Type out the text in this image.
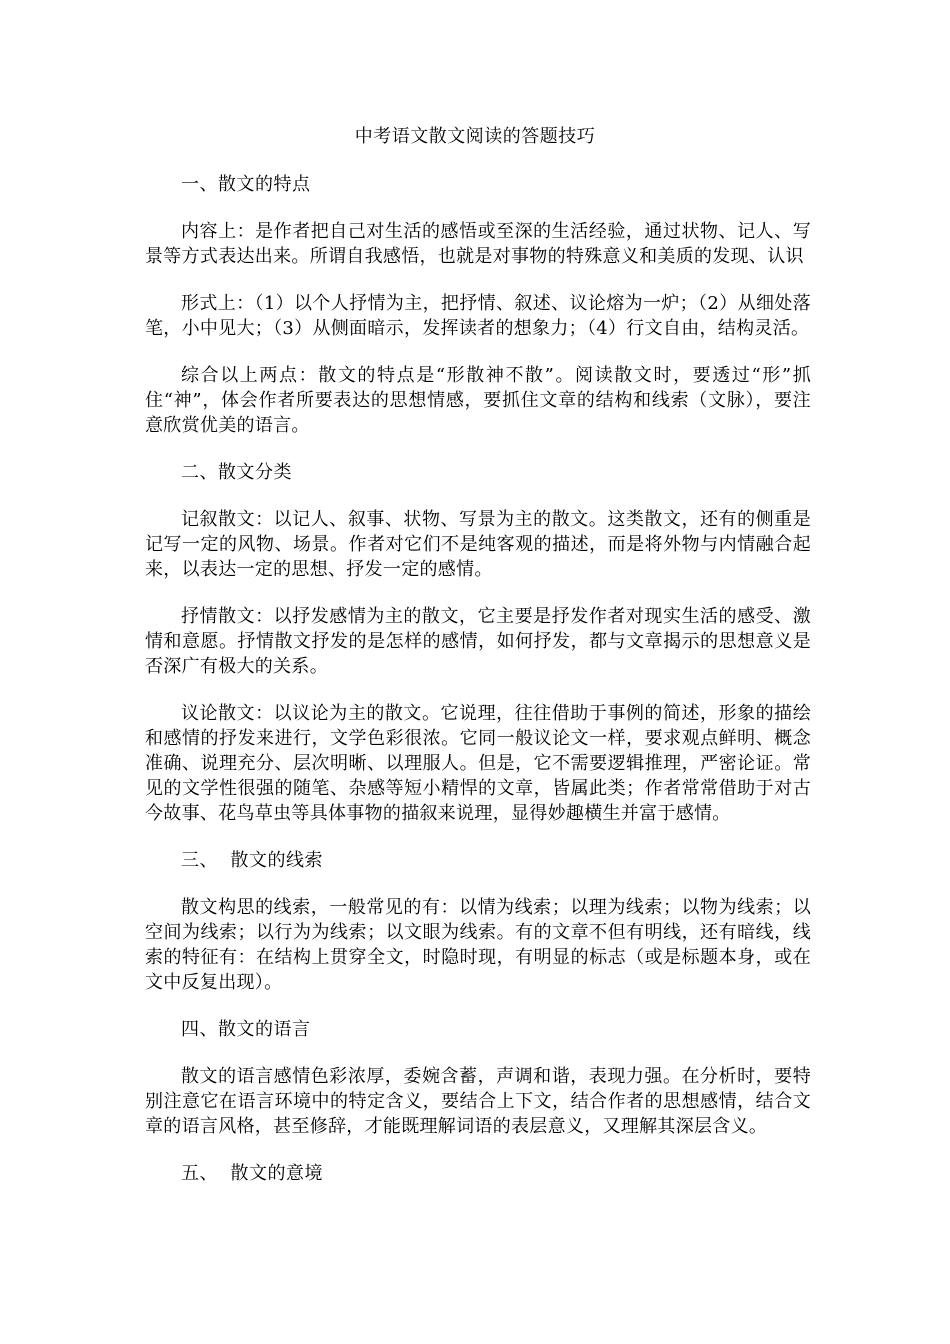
中考语文散文阅读的答题技巧
一、散文的特点

内容上：是作者把自己对生活的感悟或至深的生活经验，通过状物、记人、写景等方式表达出来。所谓自我感悟，也就是对事物的特殊意义和美质的发现、认识

形式上：（1）以个人抒情为主，把抒情、叙述、议论熔为一炉；（2）从细处落笔，小中见大；（3）从侧面暗示，发挥读者的想象力；（4）行文自由，结构灵活。

综合以上两点：散文的特点是“形散神不散”。阅读散文时，要透过“形”抓住“神”，体会作者所要表达的思想情感，要抓住文章的结构和线索（文脉），要注意欣赏优美的语言。

二、散文分类

记叙散文：以记人、叙事、状物、写景为主的散文。这类散文，还有的侧重是记写一定的风物、场景。作者对它们不是纯客观的描述，而是将外物与内情融合起来，以表达一定的思想、抒发一定的感情。

抒情散文：以抒发感情为主的散文，它主要是抒发作者对现实生活的感受、激情和意愿。抒情散文抒发的是怎样的感情，如何抒发，都与文章揭示的思想意义是否深广有极大的关系。

议论散文：以议论为主的散文。它说理，往往借助于事例的简述，形象的描绘和感情的抒发来进行，文学色彩很浓。它同一般议论文一样，要求观点鲜明、概念准确、说理充分、层次明晰、以理服人。但是，它不需要逻辑推理，严密论证。常见的文学性很强的随笔、杂感等短小精悍的文章，皆属此类；作者常常借助于对古今故事、花鸟草虫等具体事物的描叙来说理，显得妙趣横生并富于感情。

三、  散文的线索

散文构思的线索，一般常见的有：以情为线索；以理为线索；以物为线索；以空间为线索；以行为为线索；以文眼为线索。有的文章不但有明线，还有暗线，线索的特征有：在结构上贯穿全文，时隐时现，有明显的标志（或是标题本身，或在文中反复出现）。

四、散文的语言

散文的语言感情色彩浓厚，委婉含蓄，声调和谐，表现力强。在分析时，要特别注意它在语言环境中的特定含义，要结合上下文，结合作者的思想感情，结合文章的语言风格，甚至修辞，才能既理解词语的表层意义，又理解其深层含义。

五、  散文的意境
